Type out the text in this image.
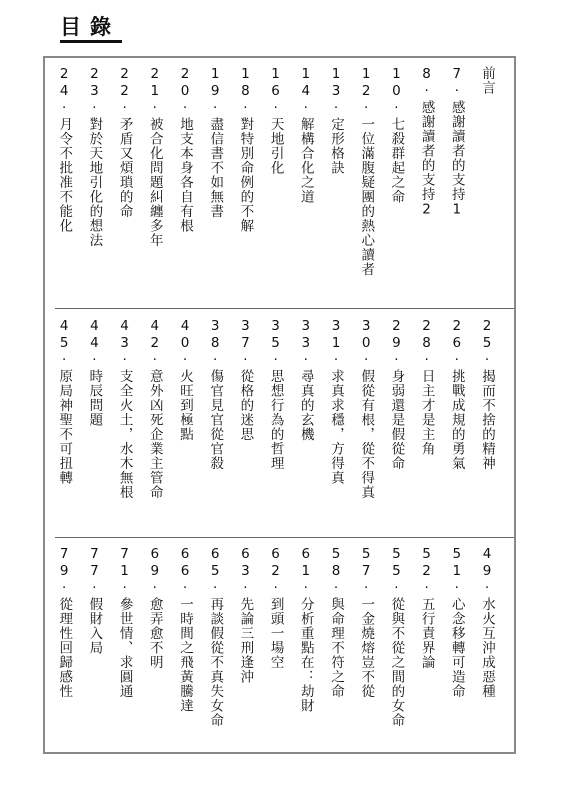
目錄
前言
7·感謝讀者的支持1
8·感謝讀者的支持2
10·七殺群起之命
12·一位滿腹疑團的熱心讀者
13·定形格訣
14·解構合化之道
16·天地引化
18·對特別命例的不解
19·盡信書不如無書
20·地支本身各自有根
21·被合化問題糾纏多年
22·矛盾又煩瑣的命
23·對於天地引化的想法
24·月令不批准不能化
25·揭而不捨的精神
26·挑戰成規的勇氣
28·日主才是主角
29·身弱還是假從命
30·假從有根，從不得真
31·求真求穩，方得真
33·尋真的玄機
35·思想行為的哲理
37·從格的迷思
38·傷官見官從官殺
40·火旺到極點
42·意外凶死企業主管命
43·支全火土，水木無根
44·時辰問題
45·原局神聖不可扭轉
49·水火互沖成惡種
51·心念移轉可造命
52·五行責界論
55·從與不從之間的女命
57·一金燒熔豈不從
58·與命理不符之命
61·分析重點在：劫財
62·到頭一場空
63·先論三刑逢沖
65·再談假從不真失女命
66·一時間之飛黃騰達
69·愈弄愈不明
71·參世情、求圓通
77·假財入局
79·從理性回歸感性
